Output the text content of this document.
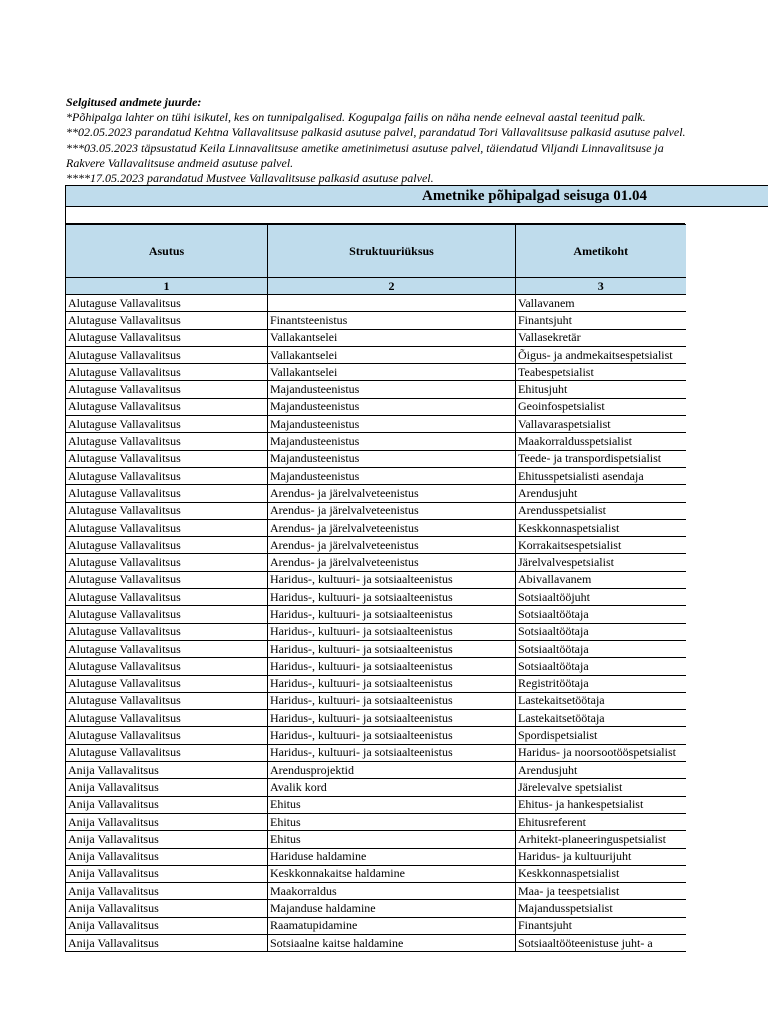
Selgitused andmete juurde:
*Põhipalga lahter on tühi isikutel, kes on tunnipalgalised. Kogupalga failis on näha nende eelneval aastal teenitud palk.
**02.05.2023 parandatud Kehtna Vallavalitsuse palkasid asutuse palvel, parandatud Tori Vallavalitsuse palkasid asutuse palvel.
***03.05.2023 täpsustatud Keila Linnavalitsuse ametike ametinimetusi asutuse palvel, täiendatud Viljandi Linnavalitsuse ja
Rakvere Vallavalitsuse andmeid asutuse palvel.
****17.05.2023 parandatud Mustvee Vallavalitsuse palkasid asutuse palvel.
Ametnike põhipalgad seisuga 01.04
Asutus	Struktuuriüksus	Ametikoht
1	2	3
Alutaguse Vallavalitsus		Vallavanem
Alutaguse Vallavalitsus	Finantsteenistus	Finantsjuht
Alutaguse Vallavalitsus	Vallakantselei	Vallasekretär
Alutaguse Vallavalitsus	Vallakantselei	Õigus- ja andmekaitsespetsialist
Alutaguse Vallavalitsus	Vallakantselei	Teabespetsialist
Alutaguse Vallavalitsus	Majandusteenistus	Ehitusjuht
Alutaguse Vallavalitsus	Majandusteenistus	Geoinfospetsialist
Alutaguse Vallavalitsus	Majandusteenistus	Vallavaraspetsialist
Alutaguse Vallavalitsus	Majandusteenistus	Maakorraldusspetsialist
Alutaguse Vallavalitsus	Majandusteenistus	Teede- ja transpordispetsialist
Alutaguse Vallavalitsus	Majandusteenistus	Ehitusspetsialisti asendaja
Alutaguse Vallavalitsus	Arendus- ja järelvalveteenistus	Arendusjuht
Alutaguse Vallavalitsus	Arendus- ja järelvalveteenistus	Arendusspetsialist
Alutaguse Vallavalitsus	Arendus- ja järelvalveteenistus	Keskkonnaspetsialist
Alutaguse Vallavalitsus	Arendus- ja järelvalveteenistus	Korrakaitsespetsialist
Alutaguse Vallavalitsus	Arendus- ja järelvalveteenistus	Järelvalvespetsialist
Alutaguse Vallavalitsus	Haridus-, kultuuri- ja sotsiaalteenistus	Abivallavanem
Alutaguse Vallavalitsus	Haridus-, kultuuri- ja sotsiaalteenistus	Sotsiaaltööjuht
Alutaguse Vallavalitsus	Haridus-, kultuuri- ja sotsiaalteenistus	Sotsiaaltöötaja
Alutaguse Vallavalitsus	Haridus-, kultuuri- ja sotsiaalteenistus	Sotsiaaltöötaja
Alutaguse Vallavalitsus	Haridus-, kultuuri- ja sotsiaalteenistus	Sotsiaaltöötaja
Alutaguse Vallavalitsus	Haridus-, kultuuri- ja sotsiaalteenistus	Sotsiaaltöötaja
Alutaguse Vallavalitsus	Haridus-, kultuuri- ja sotsiaalteenistus	Registritöötaja
Alutaguse Vallavalitsus	Haridus-, kultuuri- ja sotsiaalteenistus	Lastekaitsetöötaja
Alutaguse Vallavalitsus	Haridus-, kultuuri- ja sotsiaalteenistus	Lastekaitsetöötaja
Alutaguse Vallavalitsus	Haridus-, kultuuri- ja sotsiaalteenistus	Spordispetsialist
Alutaguse Vallavalitsus	Haridus-, kultuuri- ja sotsiaalteenistus	Haridus- ja noorsootööspetsialist
Anija Vallavalitsus	Arendusprojektid	Arendusjuht
Anija Vallavalitsus	Avalik kord	Järelevalve spetsialist
Anija Vallavalitsus	Ehitus	Ehitus- ja hankespetsialist
Anija Vallavalitsus	Ehitus	Ehitusreferent
Anija Vallavalitsus	Ehitus	Arhitekt-planeeringuspetsialist
Anija Vallavalitsus	Hariduse haldamine	Haridus- ja kultuurijuht
Anija Vallavalitsus	Keskkonnakaitse haldamine	Keskkonnaspetsialist
Anija Vallavalitsus	Maakorraldus	Maa- ja teespetsialist
Anija Vallavalitsus	Majanduse haldamine	Majandusspetsialist
Anija Vallavalitsus	Raamatupidamine	Finantsjuht
Anija Vallavalitsus	Sotsiaalne kaitse haldamine	Sotsiaaltööteenistuse juht- a
